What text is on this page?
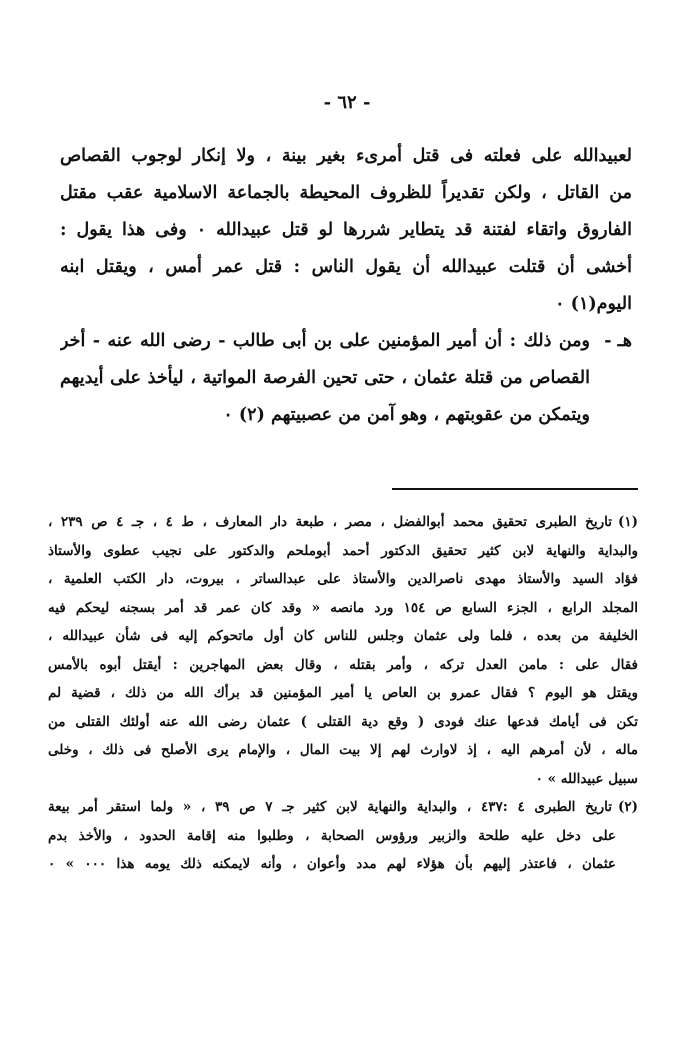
- ٦٢ -
لعبيدالله على فعلته فى قتل أمرىء بغير بينة ، ولا إنكار لوجوب القصاص
من القاتل ، ولكن تقديراً للظروف المحيطة بالجماعة الاسلامية عقب مقتل
الفاروق واتقاء لفتنة قد يتطاير شررها لو قتل عبيدالله ٠ وفى هذا يقول :
أخشى أن قتلت عبيدالله أن يقول الناس : قتل عمر أمس ، ويقتل ابنه
اليوم(١) ٠
هـ -
ومن ذلك : أن أمير المؤمنين على بن أبى طالب - رضى الله عنه - أخر
القصاص من قتلة عثمان ، حتى تحين الفرصة المواتية ، ليأخذ على أيديهم
ويتمكن من عقوبتهم ، وهو آمن من عصبيتهم (٢) ٠
(١)
تاريخ الطبرى تحقيق محمد أبوالفضل ، مصر ، طبعة دار المعارف ، ط ٤ ، جـ ٤ ص ٢٣٩ ،
والبداية والنهاية لابن كثير تحقيق الدكتور أحمد أبوملحم والدكتور على نجيب عطوى والأستاذ
فؤاد السيد والأستاذ مهدى ناصرالدين والأستاذ على عبدالساتر ، بيروت، دار الكتب العلمية ،
المجلد الرابع ، الجزء السابع ص ١٥٤ ورد مانصه « وقد كان عمر قد أمر بسجنه ليحكم فيه
الخليفة من بعده ، فلما ولى عثمان وجلس للناس كان أول ماتحوكم إليه فى شأن عبيدالله ،
فقال على : مامن العدل تركه ، وأمر بقتله ، وقال بعض المهاجرين : أيقتل أبوه بالأمس
ويقتل هو اليوم ؟ فقال عمرو بن العاص يا أمير المؤمنين قد برأك الله من ذلك ، قضية لم
تكن فى أيامك فدعها عنك فودى ( وقع دية القتلى ) عثمان رضى الله عنه أولئك القتلى من
ماله ، لأن أمرهم اليه ، إذ لاوارث لهم إلا بيت المال ، والإمام يرى الأصلح فى ذلك ، وخلى
سبيل عبيدالله » ٠
(٢)
تاريخ الطبرى ٤ :٤٣٧ ، والبداية والنهاية لابن كثير جـ ٧ ص ٣٩ ، « ولما استقر أمر بيعة
على دخل عليه طلحة والزبير ورؤوس الصحابة ، وطلبوا منه إقامة الحدود ، والأخذ بدم
عثمان ، فاعتذر إليهم بأن هؤلاء لهم مدد وأعوان ، وأنه لايمكنه ذلك يومه هذا ٠٠٠ » ٠
